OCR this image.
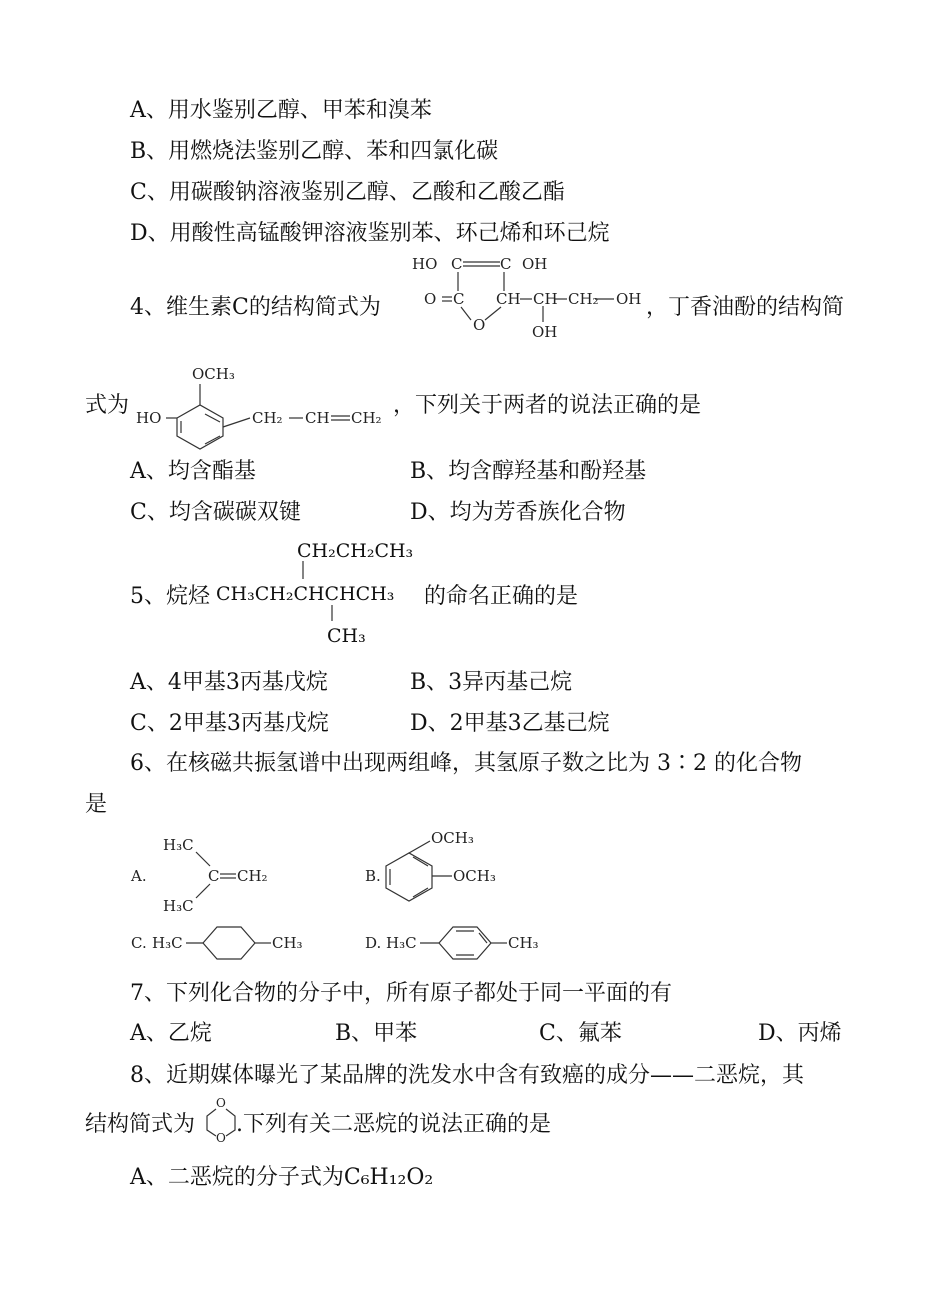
A、用水鉴别乙醇、甲苯和溴苯
B、用燃烧法鉴别乙醇、苯和四氯化碳
C、用碳酸钠溶液鉴别乙醇、乙酸和乙酸乙酯
D、用酸性高锰酸钾溶液鉴别苯、环己烯和环己烷
4、维生素C的结构简式为
HO C	C OH
O C CH CH CH₂ OH
O	OH
，丁香油酚的结构简
式为
OCH₃
HO	CH₂ CH CH₂ ，下列关于两者的说法正确的是
A、均含酯基	B、均含醇羟基和酚羟基
C、均含碳碳双键	D、均为芳香族化合物
5、烷烃
CH₂CH₂CH₃
CH₃CH₂CHCHCH₃
CH₃
的命名正确的是
A、4甲基3丙基戊烷	B、3异丙基己烷
C、2甲基3丙基戊烷	D、2甲基3乙基己烷
6、在核磁共振氢谱中出现两组峰，其氢原子数之比为 3∶2 的化合物
是
A.
H₃C
H₃C
C CH₂	B.
OCH₃
OCH₃
C. H₃C	CH₃	D. H₃C	CH₃
7、下列化合物的分子中，所有原子都处于同一平面的有
A、乙烷	B、甲苯	C、氟苯	D、丙烯
8、近期媒体曝光了某品牌的洗发水中含有致癌的成分——二恶烷，其
结构简式为
O
O
.下列有关二恶烷的说法正确的是
A、二恶烷的分子式为C₆H₁₂O₂
